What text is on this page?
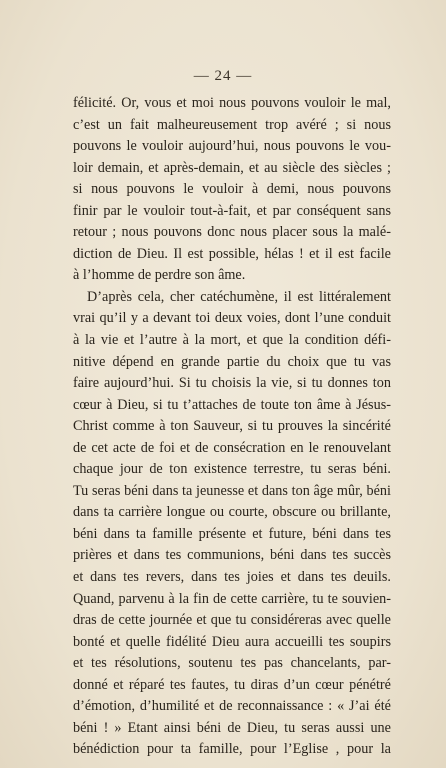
— 24 —
félicité. Or, vous et moi nous pouvons vouloir le mal,
c’est un fait malheureusement trop avéré ; si nous
pouvons le vouloir aujourd’hui, nous pouvons le vou-
loir demain, et après-demain, et au siècle des siècles ;
si nous pouvons le vouloir à demi, nous pouvons
finir par le vouloir tout-à-fait, et par conséquent sans
retour ; nous pouvons donc nous placer sous la malé-
diction de Dieu. Il est possible, hélas ! et il est facile
à l’homme de perdre son âme.
D’après cela, cher catéchumène, il est littéralement
vrai qu’il y a devant toi deux voies, dont l’une conduit
à la vie et l’autre à la mort, et que la condition défi-
nitive dépend en grande partie du choix que tu vas
faire aujourd’hui. Si tu choisis la vie, si tu donnes ton
cœur à Dieu, si tu t’attaches de toute ton âme à Jésus-
Christ comme à ton Sauveur, si tu prouves la sincérité
de cet acte de foi et de consécration en le renouvelant
chaque jour de ton existence terrestre, tu seras béni.
Tu seras béni dans ta jeunesse et dans ton âge mûr, béni
dans ta carrière longue ou courte, obscure ou brillante,
béni dans ta famille présente et future, béni dans tes
prières et dans tes communions, béni dans tes succès
et dans tes revers, dans tes joies et dans tes deuils.
Quand, parvenu à la fin de cette carrière, tu te souvien-
dras de cette journée et que tu considéreras avec quelle
bonté et quelle fidélité Dieu aura accueilli tes soupirs
et tes résolutions, soutenu tes pas chancelants, par-
donné et réparé tes fautes, tu diras d’un cœur pénétré
d’émotion, d’humilité et de reconnaissance : « J’ai été
béni ! » Etant ainsi béni de Dieu, tu seras aussi une
bénédiction pour ta famille, pour l’Eglise , pour la
